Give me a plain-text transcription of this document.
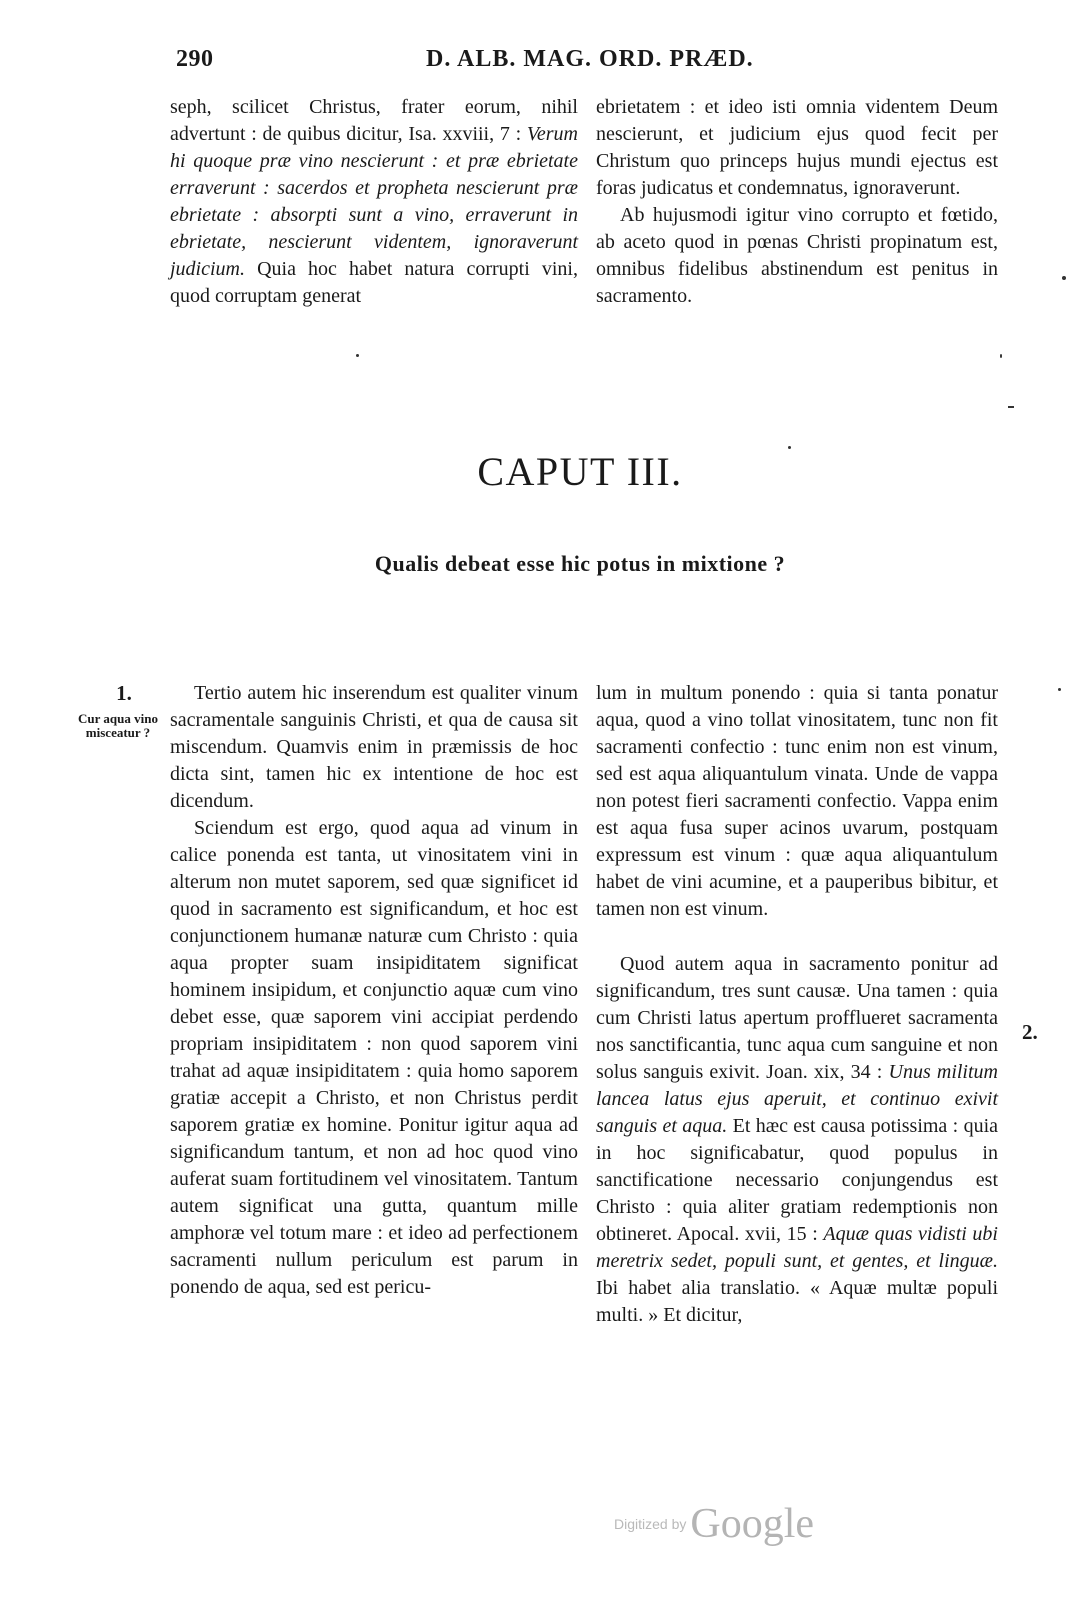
290	D. ALB. MAG. ORD. PRÆD.

seph, scilicet Christus, frater eorum, nihil advertunt : de quibus dicitur, Isa. xxviii, 7 : Verum hi quoque præ vino nescierunt : et præ ebrietate erraverunt : sacerdos et propheta nescierunt præ ebrietate : absorpti sunt a vino, erraverunt in ebrietate, nescierunt videntem, ignoraverunt judicium. Quia hoc habet natura corrupti vini, quod corruptam generat

ebrietatem : et ideo isti omnia videntem Deum nescierunt, et judicium ejus quod fecit per Christum quo princeps hujus mundi ejectus est foras judicatus et condemnatus, ignoraverunt.

Ab hujusmodi igitur vino corrupto et fœtido, ab aceto quod in pœnas Christi propinatum est, omnibus fidelibus abstinendum est penitus in sacramento.

CAPUT III.
Qualis debeat esse hic potus in mixtione ?
1.
Cur aqua vino misceatur ?
2.

Tertio autem hic inserendum est qualiter vinum sacramentale sanguinis Christi, et qua de causa sit miscendum. Quamvis enim in præmissis de hoc dicta sint, tamen hic ex intentione de hoc est dicendum.

Sciendum est ergo, quod aqua ad vinum in calice ponenda est tanta, ut vinositatem vini in alterum non mutet saporem, sed quæ significet id quod in sacramento est significandum, et hoc est conjunctionem humanæ naturæ cum Christo : quia aqua propter suam insipiditatem significat hominem insipidum, et conjunctio aquæ cum vino debet esse, quæ saporem vini accipiat perdendo propriam insipiditatem : non quod saporem vini trahat ad aquæ insipiditatem : quia homo saporem gratiæ accepit a Christo, et non Christus perdit saporem gratiæ ex homine. Ponitur igitur aqua ad significandum tantum, et non ad hoc quod vino auferat suam fortitudinem vel vinositatem. Tantum autem significat una gutta, quantum mille amphoræ vel totum mare : et ideo ad perfectionem sacramenti nullum periculum est parum in ponendo de aqua, sed est pericu-

lum in multum ponendo : quia si tanta ponatur aqua, quod a vino tollat vinositatem, tunc non fit sacramenti confectio : tunc enim non est vinum, sed est aqua aliquantulum vinata. Unde de vappa non potest fieri sacramenti confectio. Vappa enim est aqua fusa super acinos uvarum, postquam expressum est vinum : quæ aqua aliquantulum habet de vini acumine, et a pauperibus bibitur, et tamen non est vinum.

Quod autem aqua in sacramento ponitur ad significandum, tres sunt causæ. Una tamen : quia cum Christi latus apertum profflueret sacramenta nos sanctificantia, tunc aqua cum sanguine et non solus sanguis exivit. Joan. xix, 34 : Unus militum lancea latus ejus aperuit, et continuo exivit sanguis et aqua. Et hæc est causa potissima : quia in hoc significabatur, quod populus in sanctificatione necessario conjungendus est Christo : quia aliter gratiam redemptionis non obtineret. Apocal. xvii, 15 : Aquæ quas vidisti ubi meretrix sedet, populi sunt, et gentes, et linguæ. Ibi habet alia translatio. « Aquæ multæ populi multi. » Et dicitur,

Digitized by Google
